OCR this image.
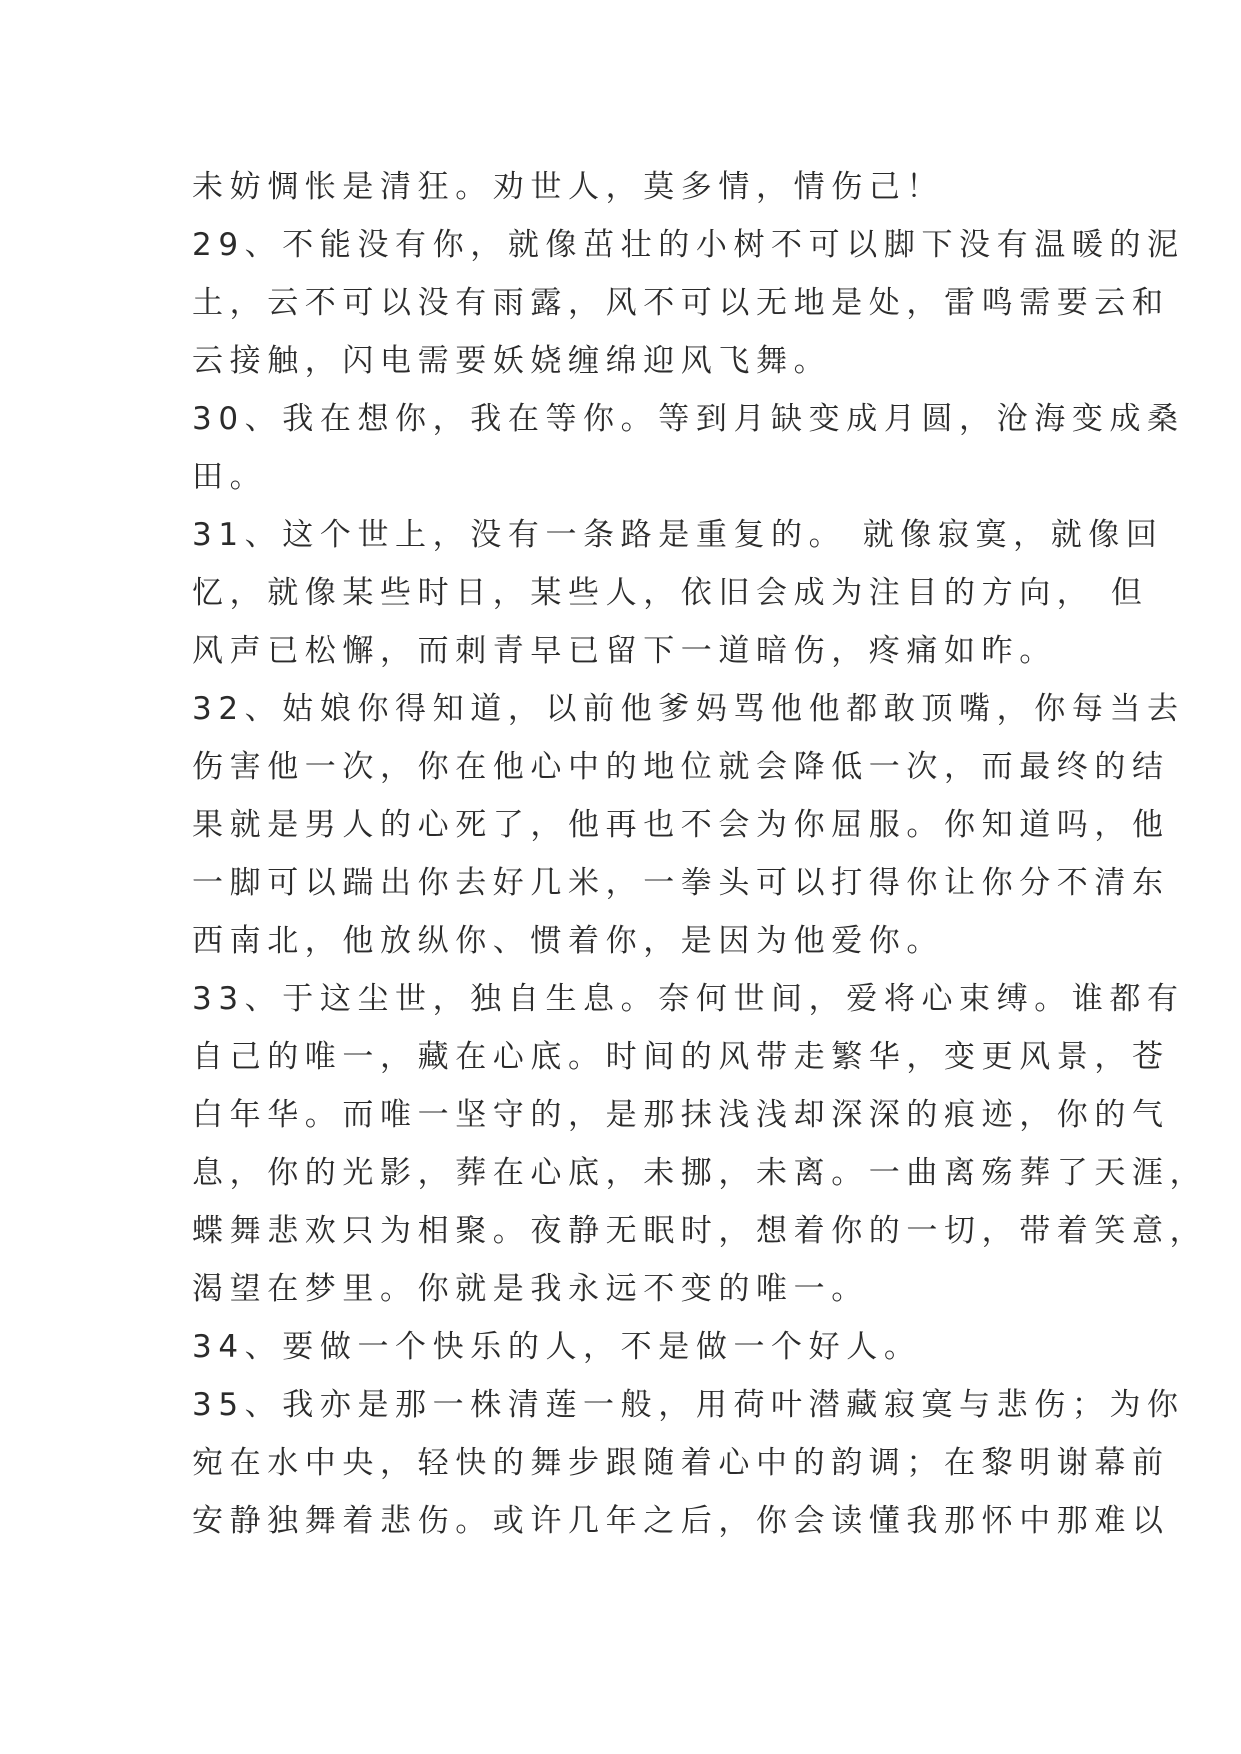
未妨惆怅是清狂。劝世人，莫多情，情伤己！
29、不能没有你，就像茁壮的小树不可以脚下没有温暖的泥
土，云不可以没有雨露，风不可以无地是处，雷鸣需要云和
云接触，闪电需要妖娆缠绵迎风飞舞。
30、我在想你，我在等你。等到月缺变成月圆，沧海变成桑
田。
31、这个世上，没有一条路是重复的。 就像寂寞，就像回
忆，就像某些时日，某些人，依旧会成为注目的方向， 但
风声已松懈，而刺青早已留下一道暗伤，疼痛如昨。
32、姑娘你得知道，以前他爹妈骂他他都敢顶嘴，你每当去
伤害他一次，你在他心中的地位就会降低一次，而最终的结
果就是男人的心死了，他再也不会为你屈服。你知道吗，他
一脚可以踹出你去好几米，一拳头可以打得你让你分不清东
西南北，他放纵你、惯着你，是因为他爱你。
33、于这尘世，独自生息。奈何世间，爱将心束缚。谁都有
自己的唯一，藏在心底。时间的风带走繁华，变更风景，苍
白年华。而唯一坚守的，是那抹浅浅却深深的痕迹，你的气
息，你的光影，葬在心底，未挪，未离。一曲离殇葬了天涯，
蝶舞悲欢只为相聚。夜静无眠时，想着你的一切，带着笑意，
渴望在梦里。你就是我永远不变的唯一。
34、要做一个快乐的人，不是做一个好人。
35、我亦是那一株清莲一般，用荷叶潜藏寂寞与悲伤；为你
宛在水中央，轻快的舞步跟随着心中的韵调；在黎明谢幕前
安静独舞着悲伤。或许几年之后，你会读懂我那怀中那难以
